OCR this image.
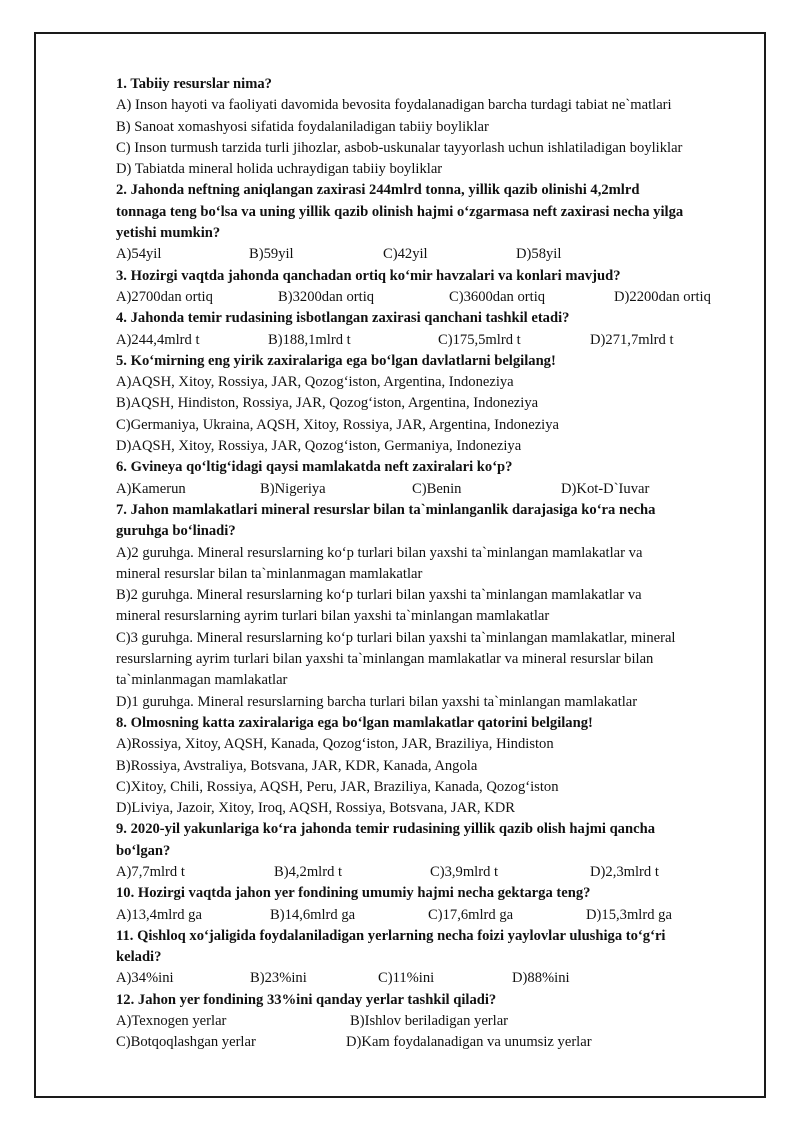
1. Tabiiy resurslar nima?
A) Inson hayoti va faoliyati davomida bevosita foydalanadigan barcha turdagi tabiat ne`matlari
B) Sanoat xomashyosi sifatida foydalaniladigan tabiiy boyliklar
C) Inson turmush tarzida turli jihozlar, asbob-uskunalar tayyorlash uchun ishlatiladigan boyliklar
D) Tabiatda mineral holida uchraydigan tabiiy boyliklar
2. Jahonda neftning aniqlangan zaxirasi 244mlrd tonna, yillik qazib olinishi 4,2mlrd
tonnaga teng bo‘lsa va uning yillik qazib olinish hajmi o‘zgarmasa neft zaxirasi necha yilga
yetishi mumkin?
A)54yil	B)59yil	C)42yil	D)58yil
3. Hozirgi vaqtda jahonda qanchadan ortiq ko‘mir havzalari va konlari mavjud?
A)2700dan ortiq	B)3200dan ortiq	C)3600dan ortiq	D)2200dan ortiq
4. Jahonda temir rudasining isbotlangan zaxirasi qanchani tashkil etadi?
A)244,4mlrd t	B)188,1mlrd t	C)175,5mlrd t	D)271,7mlrd t
5. Ko‘mirning eng yirik zaxiralariga ega bo‘lgan davlatlarni belgilang!
A)AQSH, Xitoy, Rossiya, JAR, Qozog‘iston, Argentina, Indoneziya
B)AQSH, Hindiston, Rossiya, JAR, Qozog‘iston, Argentina, Indoneziya
C)Germaniya, Ukraina, AQSH, Xitoy, Rossiya, JAR, Argentina, Indoneziya
D)AQSH, Xitoy, Rossiya, JAR, Qozog‘iston, Germaniya, Indoneziya
6. Gvineya qo‘ltig‘idagi qaysi mamlakatda neft zaxiralari ko‘p?
A)Kamerun	B)Nigeriya	C)Benin	D)Kot-D`Iuvar
7. Jahon mamlakatlari mineral resurslar bilan ta`minlanganlik darajasiga ko‘ra necha
guruhga bo‘linadi?
A)2 guruhga. Mineral resurslarning ko‘p turlari bilan yaxshi ta`minlangan mamlakatlar va
mineral resurslar bilan ta`minlanmagan mamlakatlar
B)2 guruhga. Mineral resurslarning ko‘p turlari bilan yaxshi ta`minlangan mamlakatlar va
mineral resurslarning ayrim turlari bilan yaxshi ta`minlangan mamlakatlar
C)3 guruhga. Mineral resurslarning ko‘p turlari bilan yaxshi ta`minlangan mamlakatlar, mineral
resurslarning ayrim turlari bilan yaxshi ta`minlangan mamlakatlar va mineral resurslar bilan
ta`minlanmagan mamlakatlar
D)1 guruhga. Mineral resurslarning barcha turlari bilan yaxshi ta`minlangan mamlakatlar
8. Olmosning katta zaxiralariga ega bo‘lgan mamlakatlar qatorini belgilang!
A)Rossiya, Xitoy, AQSH, Kanada, Qozog‘iston, JAR, Braziliya, Hindiston
B)Rossiya, Avstraliya, Botsvana, JAR, KDR, Kanada, Angola
C)Xitoy, Chili, Rossiya, AQSH, Peru, JAR, Braziliya, Kanada, Qozog‘iston
D)Liviya, Jazoir, Xitoy, Iroq, AQSH, Rossiya, Botsvana, JAR, KDR
9. 2020-yil yakunlariga ko‘ra jahonda temir rudasining yillik qazib olish hajmi qancha
bo‘lgan?
A)7,7mlrd t	B)4,2mlrd t	C)3,9mlrd t	D)2,3mlrd t
10. Hozirgi vaqtda jahon yer fondining umumiy hajmi necha gektarga teng?
A)13,4mlrd ga	B)14,6mlrd ga	C)17,6mlrd ga	D)15,3mlrd ga
11. Qishloq xo‘jaligida foydalaniladigan yerlarning necha foizi yaylovlar ulushiga to‘g‘ri
keladi?
A)34%ini	B)23%ini	C)11%ini	D)88%ini
12. Jahon yer fondining 33%ini qanday yerlar tashkil qiladi?
A)Texnogen yerlar	B)Ishlov beriladigan yerlar
C)Botqoqlashgan yerlar	D)Kam foydalanadigan va unumsiz yerlar
